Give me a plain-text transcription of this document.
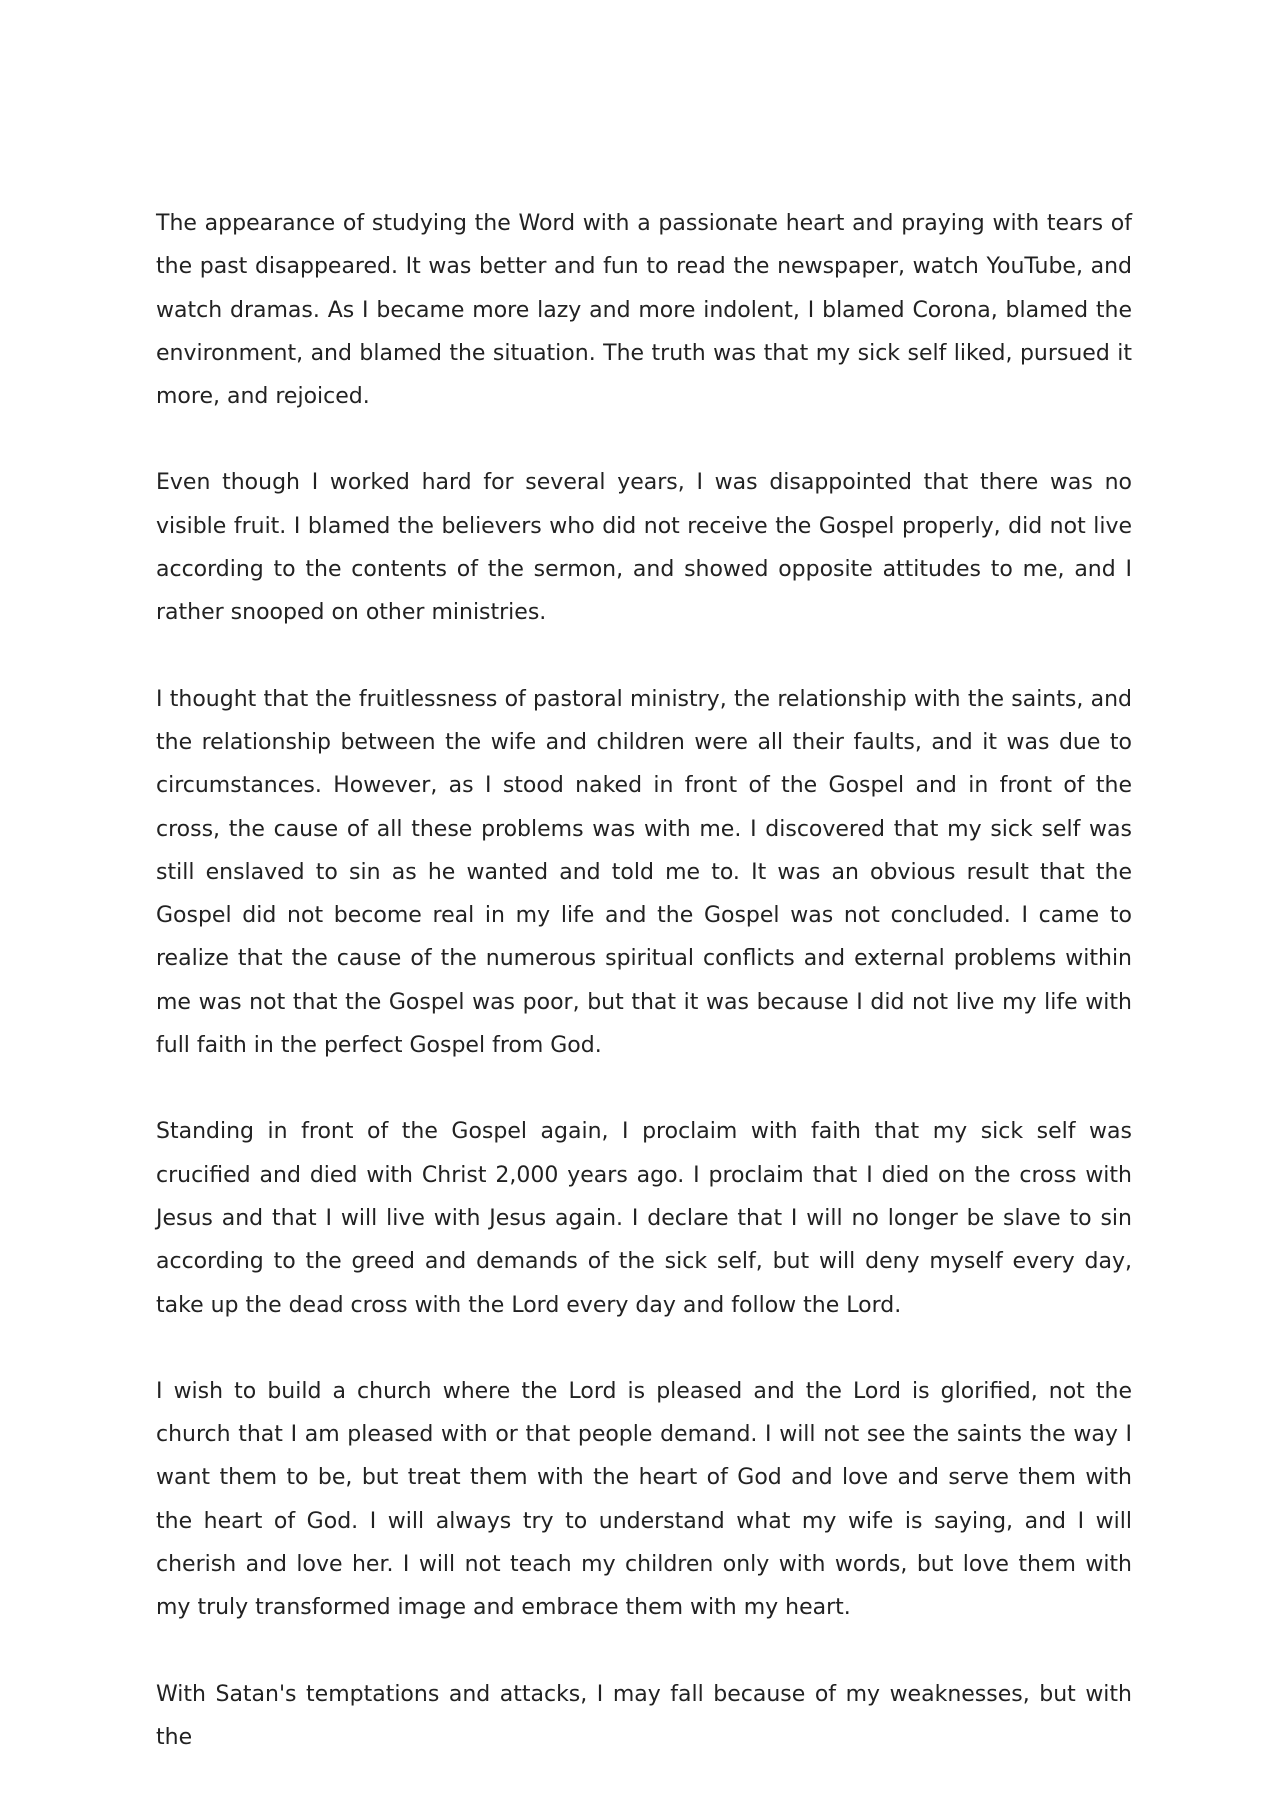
The appearance of studying the Word with a passionate heart and praying with tears of the past disappeared. It was better and fun to read the newspaper, watch YouTube, and watch dramas. As I became more lazy and more indolent, I blamed Corona, blamed the environment, and blamed the situation. The truth was that my sick self liked, pursued it more, and rejoiced.

Even though I worked hard for several years, I was disappointed that there was no visible fruit. I blamed the believers who did not receive the Gospel properly, did not live according to the contents of the sermon, and showed opposite attitudes to me, and I rather snooped on other ministries.

I thought that the fruitlessness of pastoral ministry, the relationship with the saints, and the relationship between the wife and children were all their faults, and it was due to circumstances. However, as I stood naked in front of the Gospel and in front of the cross, the cause of all these problems was with me. I discovered that my sick self was still enslaved to sin as he wanted and told me to. It was an obvious result that the Gospel did not become real in my life and the Gospel was not concluded. I came to realize that the cause of the numerous spiritual conflicts and external problems within me was not that the Gospel was poor, but that it was because I did not live my life with full faith in the perfect Gospel from God.

Standing in front of the Gospel again, I proclaim with faith that my sick self was crucified and died with Christ 2,000 years ago. I proclaim that I died on the cross with Jesus and that I will live with Jesus again. I declare that I will no longer be slave to sin according to the greed and demands of the sick self, but will deny myself every day, take up the dead cross with the Lord every day and follow the Lord.

I wish to build a church where the Lord is pleased and the Lord is glorified, not the church that I am pleased with or that people demand. I will not see the saints the way I want them to be, but treat them with the heart of God and love and serve them with the heart of God. I will always try to understand what my wife is saying, and I will cherish and love her. I will not teach my children only with words, but love them with my truly transformed image and embrace them with my heart.

With Satan's temptations and attacks, I may fall because of my weaknesses, but with the
